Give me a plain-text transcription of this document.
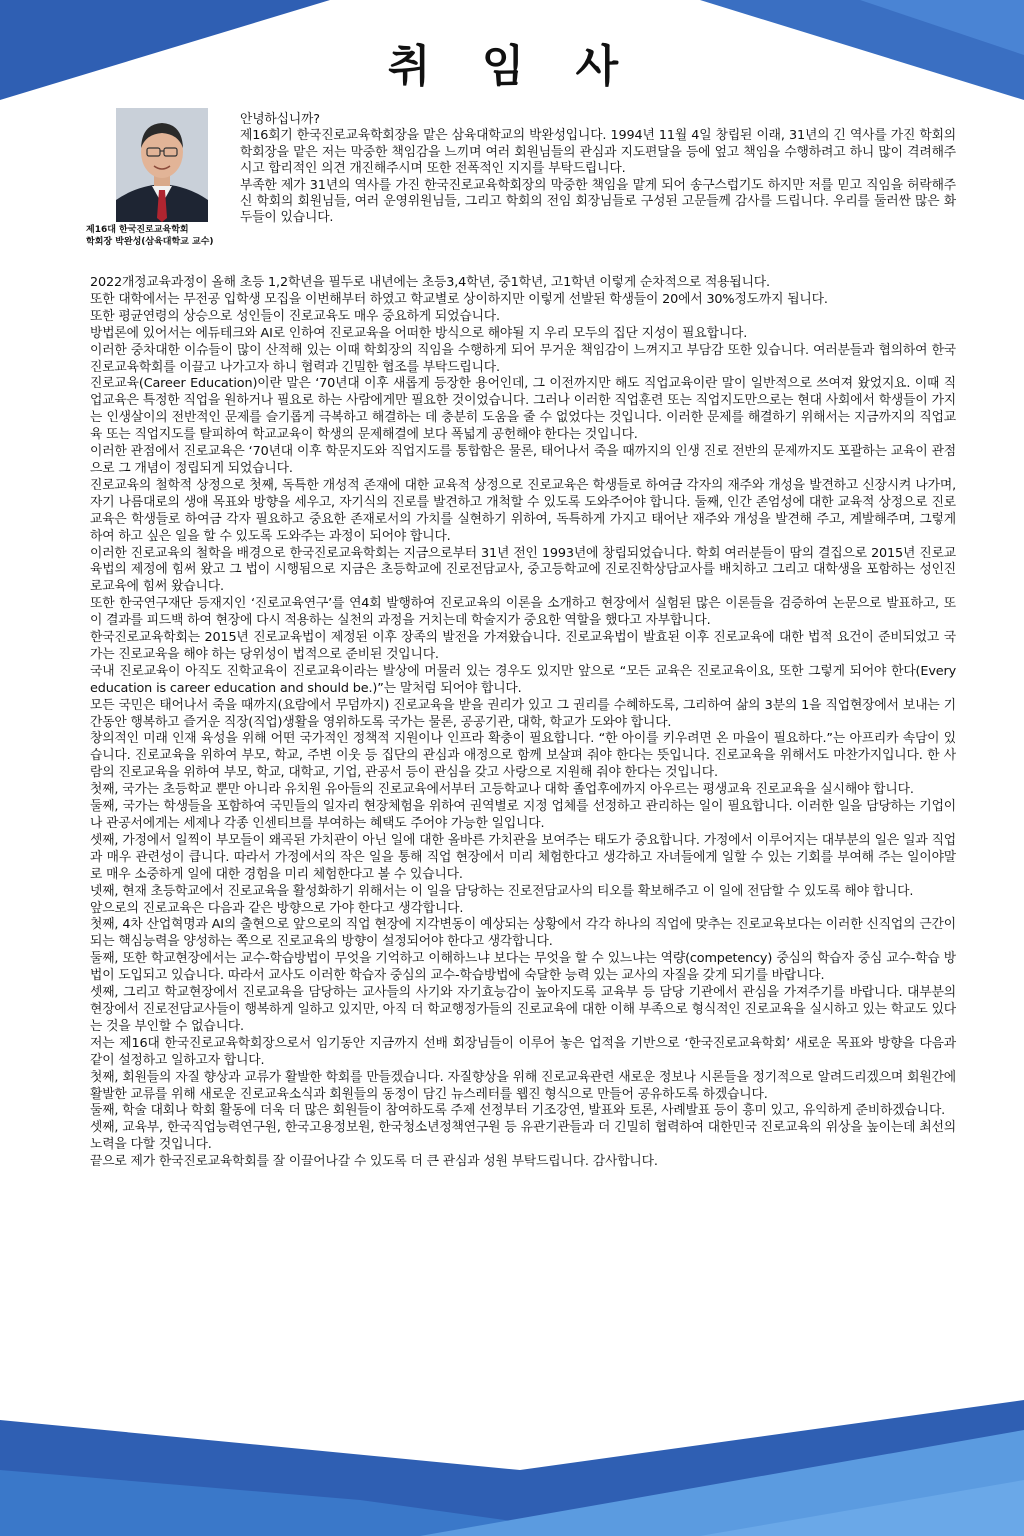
취 임 사
제16대 한국진로교육학회
학회장 박완성(삼육대학교 교수)

안녕하십니까?

제16회기 한국진로교육학회장을 맡은 삼육대학교의 박완성입니다. 1994년 11월 4일 창립된 이래, 31년의 긴 역사를 가진 학회의 학회장을 맡은 저는 막중한 책임감을 느끼며 여러 회원님들의 관심과 지도편달을 등에 엎고 책임을 수행하려고 하니 많이 격려해주시고 합리적인 의견 개진해주시며 또한 전폭적인 지지를 부탁드립니다.

부족한 제가 31년의 역사를 가진 한국진로교육학회장의 막중한 책임을 맡게 되어 송구스럽기도 하지만 저를 믿고 직임을 허락해주신 학회의 회원님들, 여러 운영위원님들, 그리고 학회의 전임 회장님들로 구성된 고문들께 감사를 드립니다. 우리를 둘러싼 많은 화두들이 있습니다.

2022개정교육과정이 올해 초등 1,2학년을 필두로 내년에는 초등3,4학년, 중1학년, 고1학년 이렇게 순차적으로 적용됩니다.

또한 대학에서는 무전공 입학생 모집을 이번해부터 하였고 학교별로 상이하지만 이렇게 선발된 학생들이 20에서 30%정도까지 됩니다.

또한 평균연령의 상승으로 성인들이 진로교육도 매우 중요하게 되었습니다.

방법론에 있어서는 에듀테크와 AI로 인하여 진로교육을 어떠한 방식으로 해야될 지 우리 모두의 집단 지성이 필요합니다.

이러한 중차대한 이슈들이 많이 산적해 있는 이때 학회장의 직임을 수행하게 되어 무거운 책임감이 느껴지고 부담감 또한 있습니다. 여러분들과 협의하여 한국진로교육학회를 이끌고 나가고자 하니 협력과 긴밀한 협조를 부탁드립니다.

진로교육(Career Education)이란 말은 ‘70년대 이후 새롭게 등장한 용어인데, 그 이전까지만 해도 직업교육이란 말이 일반적으로 쓰여져 왔었지요. 이때 직업교육은 특정한 직업을 원하거나 필요로 하는 사람에게만 필요한 것이었습니다. 그러나 이러한 직업훈련 또는 직업지도만으로는 현대 사회에서 학생들이 가지는 인생살이의 전반적인 문제를 슬기롭게 극복하고 해결하는 데 충분히 도움을 줄 수 없었다는 것입니다. 이러한 문제를 해결하기 위해서는 지금까지의 직업교육 또는 직업지도를 탈피하여 학교교육이 학생의 문제해결에 보다 폭넓게 공헌해야 한다는 것입니다.

이러한 관점에서 진로교육은 ‘70년대 이후 학문지도와 직업지도를 통합함은 물론, 태어나서 죽을 때까지의 인생 진로 전반의 문제까지도 포괄하는 교육이 관점으로 그 개념이 정립되게 되었습니다.

진로교육의 철학적 상정으로 첫째, 독특한 개성적 존재에 대한 교육적 상정으로 진로교육은 학생들로 하여금 각자의 재주와 개성을 발견하고 신장시켜 나가며, 자기 나름대로의 생애 목표와 방향을 세우고, 자기식의 진로를 발견하고 개척할 수 있도록 도와주어야 합니다. 둘째, 인간 존엄성에 대한 교육적 상정으로 진로교육은 학생들로 하여금 각자 필요하고 중요한 존재로서의 가치를 실현하기 위하여, 독특하게 가지고 태어난 재주와 개성을 발견해 주고, 계발해주며, 그렇게 하여 하고 싶은 일을 할 수 있도록 도와주는 과정이 되어야 합니다.

이러한 진로교육의 철학을 배경으로 한국진로교육학회는 지금으로부터 31년 전인 1993년에 창립되었습니다. 학회 여러분들이 땀의 결집으로 2015년 진로교육법의 제정에 힘써 왔고 그 법이 시행됨으로 지금은 초등학교에 진로전담교사, 중고등학교에 진로진학상담교사를 배치하고 그리고 대학생을 포함하는 성인진로교육에 힘써 왔습니다.

또한 한국연구재단 등재지인 ‘진로교육연구’를 연4회 발행하여 진로교육의 이론을 소개하고 현장에서 실험된 많은 이론들을 검증하여 논문으로 발표하고, 또 이 결과를 피드백 하여 현장에 다시 적용하는 실천의 과정을 거치는데 학술지가 중요한 역할을 했다고 자부합니다.

한국진로교육학회는 2015년 진로교육법이 제정된 이후 장족의 발전을 가져왔습니다. 진로교육법이 발효된 이후 진로교육에 대한 법적 요건이 준비되었고 국가는 진로교육을 해야 하는 당위성이 법적으로 준비된 것입니다.

국내 진로교육이 아직도 진학교육이 진로교육이라는 발상에 머물러 있는 경우도 있지만 앞으로 “모든 교육은 진로교육이요, 또한 그렇게 되어야 한다(Every education is career education and should be.)”는 말처럼 되어야 합니다.

모든 국민은 태어나서 죽을 때까지(요람에서 무덤까지) 진로교육을 받을 권리가 있고 그 권리를 수혜하도록, 그리하여 삶의 3분의 1을 직업현장에서 보내는 기간동안 행복하고 즐거운 직장(직업)생활을 영위하도록 국가는 물론, 공공기관, 대학, 학교가 도와야 합니다.

창의적인 미래 인재 육성을 위해 어떤 국가적인 정책적 지원이나 인프라 확충이 필요합니다. “한 아이를 키우려면 온 마을이 필요하다.”는 아프리카 속담이 있습니다. 진로교육을 위하여 부모, 학교, 주변 이웃 등 집단의 관심과 애정으로 함께 보살펴 줘야 한다는 뜻입니다. 진로교육을 위해서도 마찬가지입니다. 한 사람의 진로교육을 위하여 부모, 학교, 대학교, 기업, 관공서 등이 관심을 갖고 사랑으로 지원해 줘야 한다는 것입니다.

첫째, 국가는 초등학교 뿐만 아니라 유치원 유아들의 진로교육에서부터 고등학교나 대학 졸업후에까지 아우르는 평생교육 진로교육을 실시해야 합니다.

둘째, 국가는 학생들을 포함하여 국민들의 일자리 현장체험을 위하여 권역별로 지정 업체를 선정하고 관리하는 일이 필요합니다. 이러한 일을 담당하는 기업이나 관공서에게는 세제나 각종 인센티브를 부여하는 혜택도 주어야 가능한 일입니다.

셋째, 가정에서 일찍이 부모들이 왜곡된 가치관이 아닌 일에 대한 올바른 가치관을 보여주는 태도가 중요합니다. 가정에서 이루어지는 대부분의 일은 일과 직업과 매우 관련성이 큽니다. 따라서 가정에서의 작은 일을 통해 직업 현장에서 미리 체험한다고 생각하고 자녀들에게 일할 수 있는 기회를 부여해 주는 일이야말로 매우 소중하게 일에 대한 경험을 미리 체험한다고 볼 수 있습니다.

넷째, 현재 초등학교에서 진로교육을 활성화하기 위해서는 이 일을 담당하는 진로전담교사의 티오를 확보해주고 이 일에 전담할 수 있도록 해야 합니다.

앞으로의 진로교육은 다음과 같은 방향으로 가야 한다고 생각합니다.

첫째, 4차 산업혁명과 AI의 출현으로 앞으로의 직업 현장에 지각변동이 예상되는 상황에서 각각 하나의 직업에 맞추는 진로교육보다는 이러한 신직업의 근간이 되는 핵심능력을 양성하는 쪽으로 진로교육의 방향이 설정되어야 한다고 생각합니다.

둘째, 또한 학교현장에서는 교수-학습방법이 무엇을 기억하고 이해하느냐 보다는 무엇을 할 수 있느냐는 역량(competency) 중심의 학습자 중심 교수-학습 방법이 도입되고 있습니다. 따라서 교사도 이러한 학습자 중심의 교수-학습방법에 숙달한 능력 있는 교사의 자질을 갖게 되기를 바랍니다.

셋째, 그리고 학교현장에서 진로교육을 담당하는 교사들의 사기와 자기효능감이 높아지도록 교육부 등 담당 기관에서 관심을 가져주기를 바랍니다. 대부분의 현장에서 진로전담교사들이 행복하게 일하고 있지만, 아직 더 학교행정가들의 진로교육에 대한 이해 부족으로 형식적인 진로교육을 실시하고 있는 학교도 있다는 것을 부인할 수 없습니다.

저는 제16대 한국진로교육학회장으로서 임기동안 지금까지 선배 회장님들이 이루어 놓은 업적을 기반으로 ‘한국진로교육학회’ 새로운 목표와 방향을 다음과 같이 설정하고 일하고자 합니다.

첫째, 회원들의 자질 향상과 교류가 활발한 학회를 만들겠습니다. 자질향상을 위해 진로교육관련 새로운 정보나 시론들을 정기적으로 알려드리겠으며 회원간에 활발한 교류를 위해 새로운 진로교육소식과 회원들의 동정이 담긴 뉴스레터를 웹진 형식으로 만들어 공유하도록 하겠습니다.

둘째, 학술 대회나 학회 활동에 더욱 더 많은 회원들이 참여하도록 주제 선정부터 기조강연, 발표와 토론, 사례발표 등이 흥미 있고, 유익하게 준비하겠습니다.

셋째, 교육부, 한국직업능력연구원, 한국고용정보원, 한국청소년정책연구원 등 유관기관들과 더 긴밀히 협력하여 대한민국 진로교육의 위상을 높이는데 최선의 노력을 다할 것입니다.

끝으로 제가 한국진로교육학회를 잘 이끌어나갈 수 있도록 더 큰 관심과 성원 부탁드립니다. 감사합니다.
